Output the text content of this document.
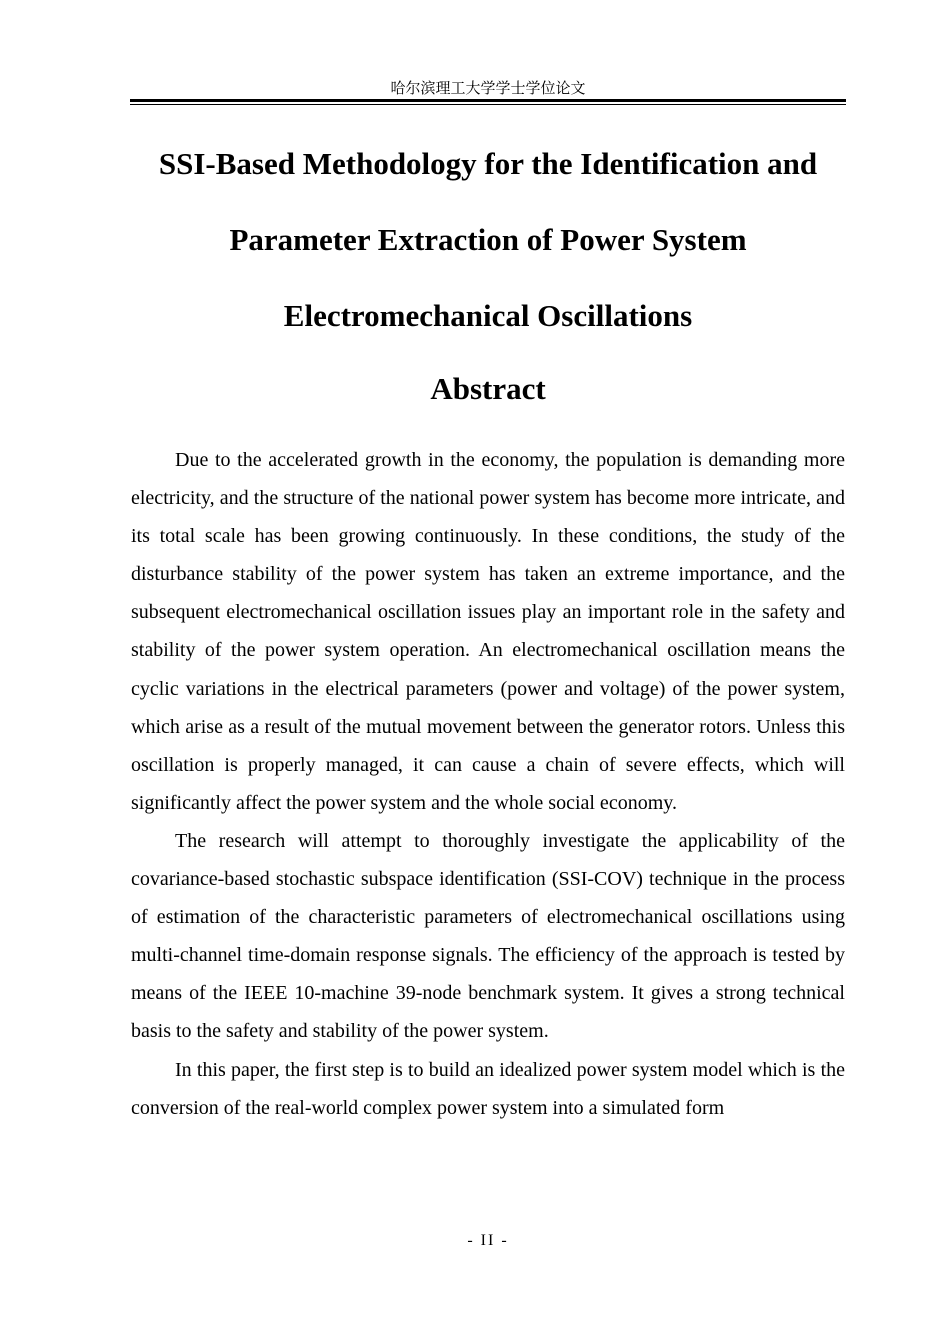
哈尔滨理工大学学士学位论文
SSI-Based Methodology for the Identification and
Parameter Extraction of Power System
Electromechanical Oscillations
Abstract

Due to the accelerated growth in the economy, the population is demanding more electricity, and the structure of the national power system has become more intricate, and its total scale has been growing continuously. In these conditions, the study of the disturbance stability of the power system has taken an extreme importance, and the subsequent electromechanical oscillation issues play an important role in the safety and stability of the power system operation. An electromechanical oscillation means the cyclic variations in the electrical parameters (power and voltage) of the power system, which arise as a result of the mutual movement between the generator rotors. Unless this oscillation is properly managed, it can cause a chain of severe effects, which will significantly affect the power system and the whole social economy.

The research will attempt to thoroughly investigate the applicability of the covariance-based stochastic subspace identification (SSI-COV) technique in the process of estimation of the characteristic parameters of electromechanical oscillations using multi-channel time-domain response signals. The efficiency of the approach is tested by means of the IEEE 10-machine 39-node benchmark system. It gives a strong technical basis to the safety and stability of the power system.

In this paper, the first step is to build an idealized power system model which is the conversion of the real-world complex power system into a simulated form

- II -
